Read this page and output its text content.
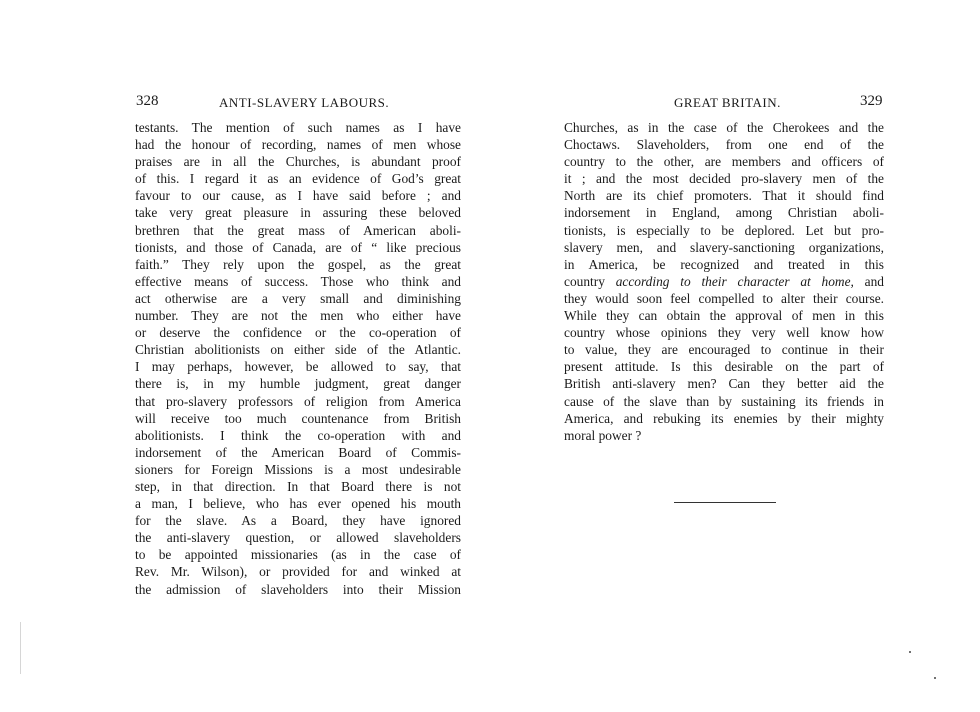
328	ANTI-SLAVERY LABOURS.
testants. The mention of such names as I have
had the honour of recording, names of men whose
praises are in all the Churches, is abundant proof
of this. I regard it as an evidence of God’s great
favour to our cause, as I have said before ; and
take very great pleasure in assuring these beloved
brethren that the great mass of American aboli-
tionists, and those of Canada, are of “ like precious
faith.” They rely upon the gospel, as the great
effective means of success. Those who think and
act otherwise are a very small and diminishing
number. They are not the men who either have
or deserve the confidence or the co-operation of
Christian abolitionists on either side of the Atlantic.
I may perhaps, however, be allowed to say, that
there is, in my humble judgment, great danger
that pro-slavery professors of religion from America
will receive too much countenance from British
abolitionists. I think the co-operation with and
indorsement of the American Board of Commis-
sioners for Foreign Missions is a most undesirable
step, in that direction. In that Board there is not
a man, I believe, who has ever opened his mouth
for the slave. As a Board, they have ignored
the anti-slavery question, or allowed slaveholders
to be appointed missionaries (as in the case of
Rev. Mr. Wilson), or provided for and winked at
the admission of slaveholders into their Mission
GREAT BRITAIN.	329
Churches, as in the case of the Cherokees and the
Choctaws. Slaveholders, from one end of the
country to the other, are members and officers of
it ; and the most decided pro-slavery men of the
North are its chief promoters. That it should find
indorsement in England, among Christian aboli-
tionists, is especially to be deplored. Let but pro-
slavery men, and slavery-sanctioning organizations,
in America, be recognized and treated in this
country according to their character at home, and
they would soon feel compelled to alter their course.
While they can obtain the approval of men in this
country whose opinions they very well know how
to value, they are encouraged to continue in their
present attitude. Is this desirable on the part of
British anti-slavery men? Can they better aid the
cause of the slave than by sustaining its friends in
America, and rebuking its enemies by their mighty
moral power ?
